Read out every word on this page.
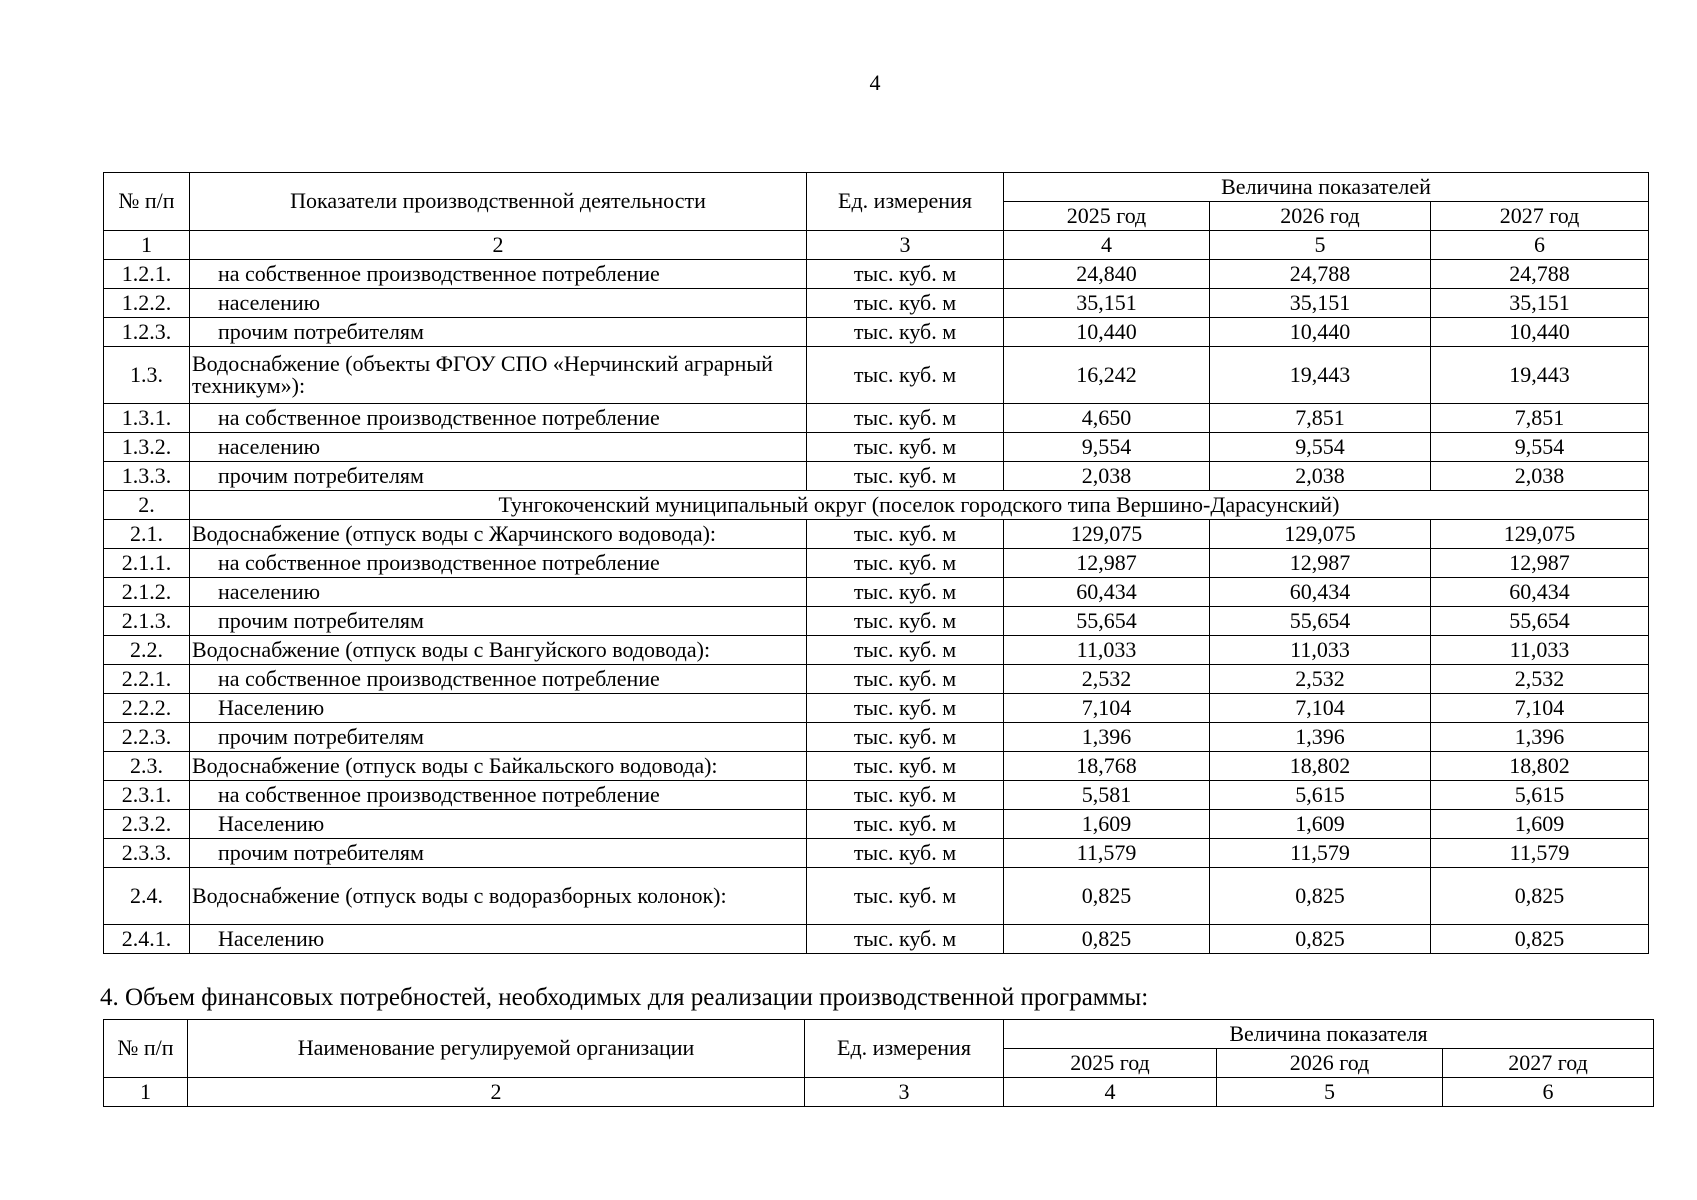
4
№ п/п	Показатели производственной деятельности	Ед. измерения	Величина показателей		
			2025 год	2026 год	2027 год
1	2	3	4	5	6
1.2.1.	на собственное производственное потребление	тыс. куб. м	24,840	24,788	24,788
1.2.2.	населению	тыс. куб. м	35,151	35,151	35,151
1.2.3.	прочим потребителям	тыс. куб. м	10,440	10,440	10,440
1.3.	Водоснабжение (объекты ФГОУ СПО «Нерчинский аграрный техникум»):	тыс. куб. м	16,242	19,443	19,443
1.3.1.	на собственное производственное потребление	тыс. куб. м	4,650	7,851	7,851
1.3.2.	населению	тыс. куб. м	9,554	9,554	9,554
1.3.3.	прочим потребителям	тыс. куб. м	2,038	2,038	2,038
2.	Тунгокоченский муниципальный округ (поселок городского типа Вершино-Дарасунский)				
2.1.	Водоснабжение (отпуск воды с Жарчинского водовода):	тыс. куб. м	129,075	129,075	129,075
2.1.1.	на собственное производственное потребление	тыс. куб. м	12,987	12,987	12,987
2.1.2.	населению	тыс. куб. м	60,434	60,434	60,434
2.1.3.	прочим потребителям	тыс. куб. м	55,654	55,654	55,654
2.2.	Водоснабжение (отпуск воды с Вангуйского водовода):	тыс. куб. м	11,033	11,033	11,033
2.2.1.	на собственное производственное потребление	тыс. куб. м	2,532	2,532	2,532
2.2.2.	Населению	тыс. куб. м	7,104	7,104	7,104
2.2.3.	прочим потребителям	тыс. куб. м	1,396	1,396	1,396
2.3.	Водоснабжение (отпуск воды с Байкальского водовода):	тыс. куб. м	18,768	18,802	18,802
2.3.1.	на собственное производственное потребление	тыс. куб. м	5,581	5,615	5,615
2.3.2.	Населению	тыс. куб. м	1,609	1,609	1,609
2.3.3.	прочим потребителям	тыс. куб. м	11,579	11,579	11,579
2.4.	Водоснабжение (отпуск воды с водоразборных колонок):	тыс. куб. м	0,825	0,825	0,825
2.4.1.	Населению	тыс. куб. м	0,825	0,825	0,825
4. Объем финансовых потребностей, необходимых для реализации производственной программы:
№ п/п	Наименование регулируемой организации	Ед. измерения	Величина показателя		
			2025 год	2026 год	2027 год
1	2	3	4	5	6
